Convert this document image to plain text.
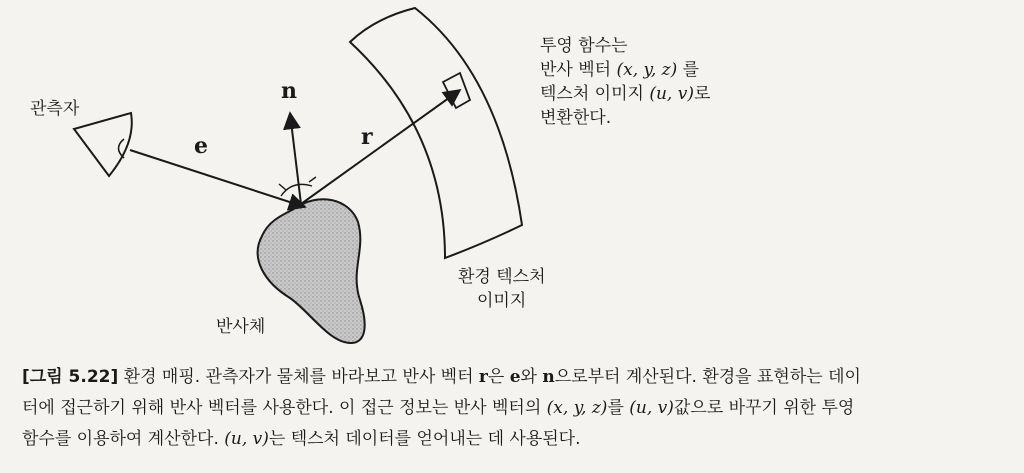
관측자
n
e	r
반사체
환경 텍스처
이미지
투영 함수는
반사 벡터 (x, y, z) 를
텍스처 이미지 (u, v)로
변환한다.
[그림 5.22] 환경 매핑. 관측자가 물체를 바라보고 반사 벡터 r은 e와 n으로부터 계산된다. 환경을 표현하는 데이
터에 접근하기 위해 반사 벡터를 사용한다. 이 접근 정보는 반사 벡터의 (x, y, z)를 (u, v)값으로 바꾸기 위한 투영
함수를 이용하여 계산한다. (u, v)는 텍스처 데이터를 얻어내는 데 사용된다.
